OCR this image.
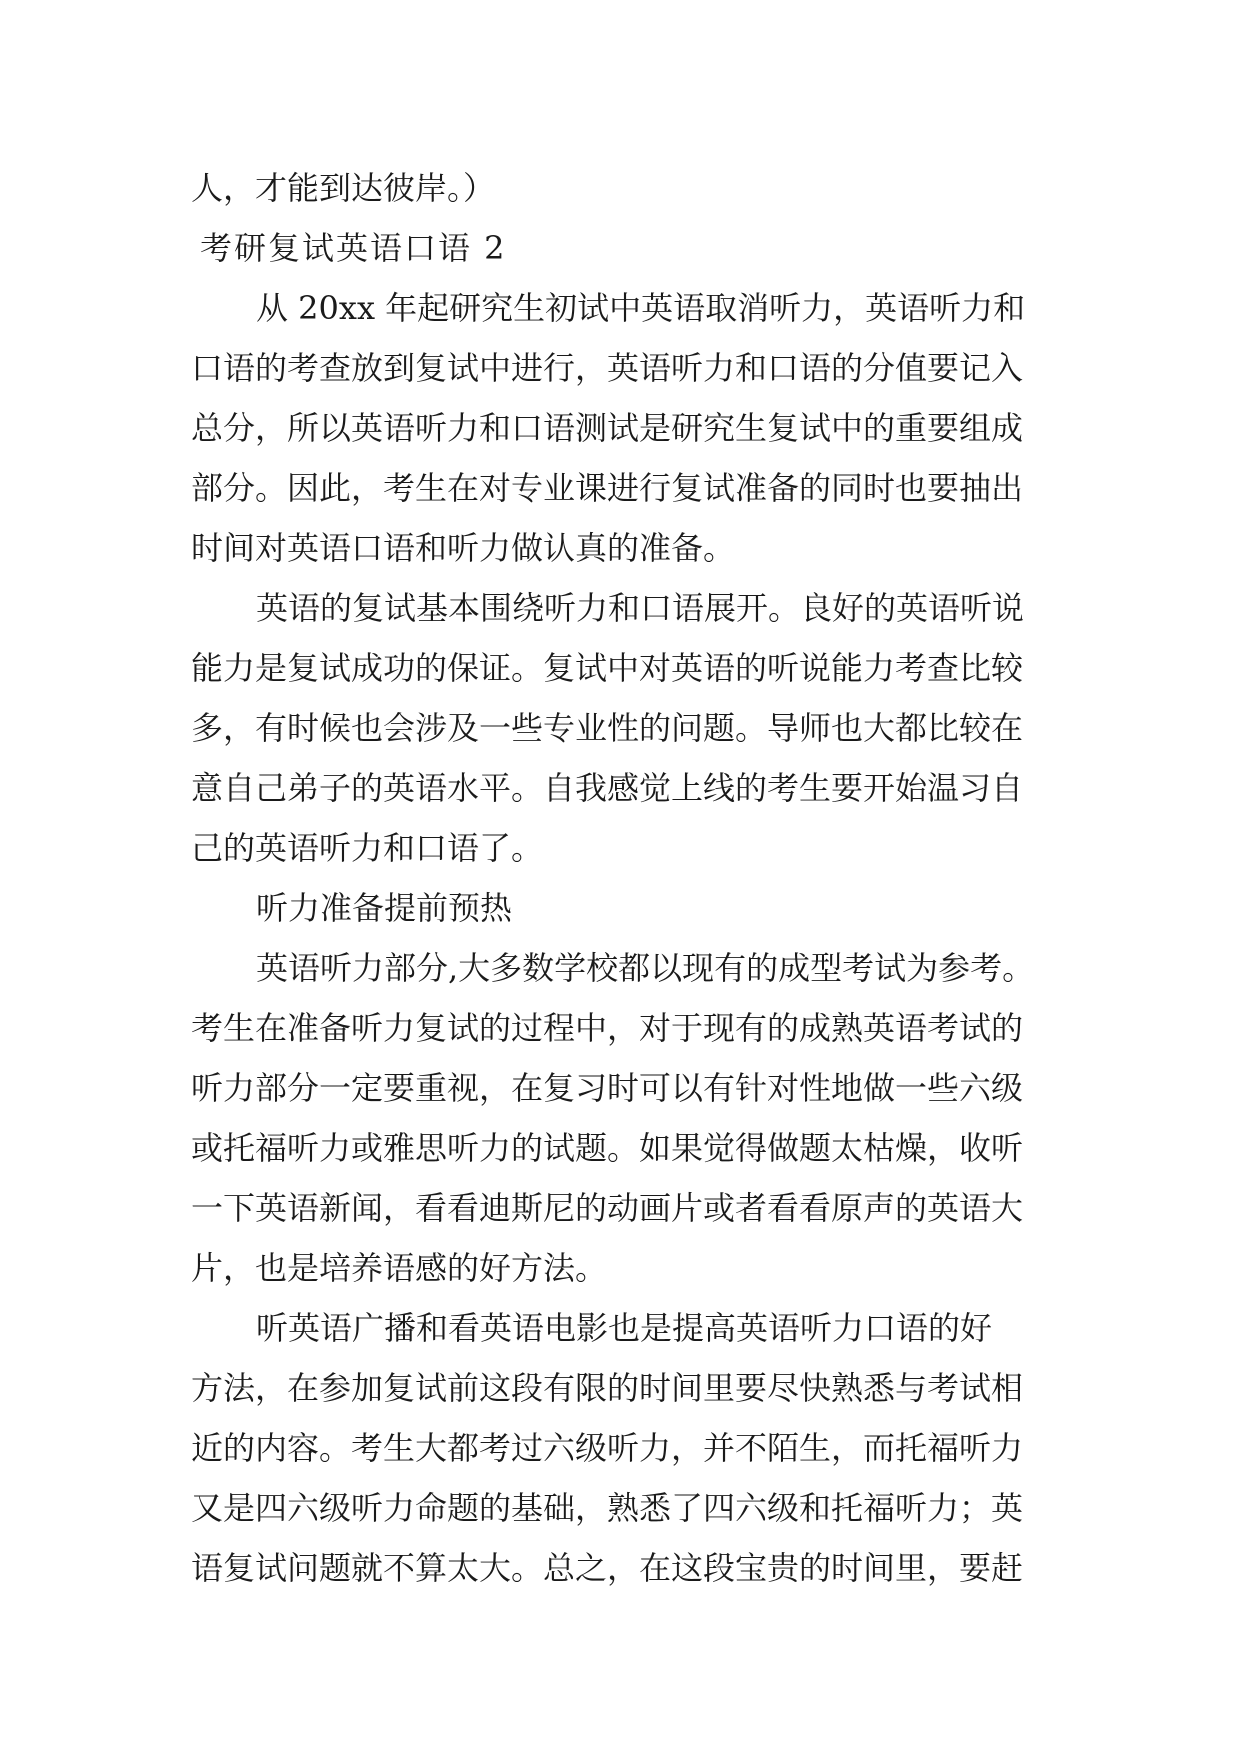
人，才能到达彼岸。）
考研复试英语口语 2
从 20xx 年起研究生初试中英语取消听力，英语听力和
口语的考查放到复试中进行，英语听力和口语的分值要记入
总分，所以英语听力和口语测试是研究生复试中的重要组成
部分。因此，考生在对专业课进行复试准备的同时也要抽出
时间对英语口语和听力做认真的准备。
英语的复试基本围绕听力和口语展开。良好的英语听说
能力是复试成功的保证。复试中对英语的听说能力考查比较
多，有时候也会涉及一些专业性的问题。导师也大都比较在
意自己弟子的英语水平。自我感觉上线的考生要开始温习自
己的英语听力和口语了。
听力准备提前预热
英语听力部分,大多数学校都以现有的成型考试为参考。
考生在准备听力复试的过程中，对于现有的成熟英语考试的
听力部分一定要重视，在复习时可以有针对性地做一些六级
或托福听力或雅思听力的试题。如果觉得做题太枯燥，收听
一下英语新闻，看看迪斯尼的动画片或者看看原声的英语大
片，也是培养语感的好方法。
听英语广播和看英语电影也是提高英语听力口语的好
方法，在参加复试前这段有限的时间里要尽快熟悉与考试相
近的内容。考生大都考过六级听力，并不陌生，而托福听力
又是四六级听力命题的基础，熟悉了四六级和托福听力；英
语复试问题就不算太大。总之，在这段宝贵的时间里，要赶
